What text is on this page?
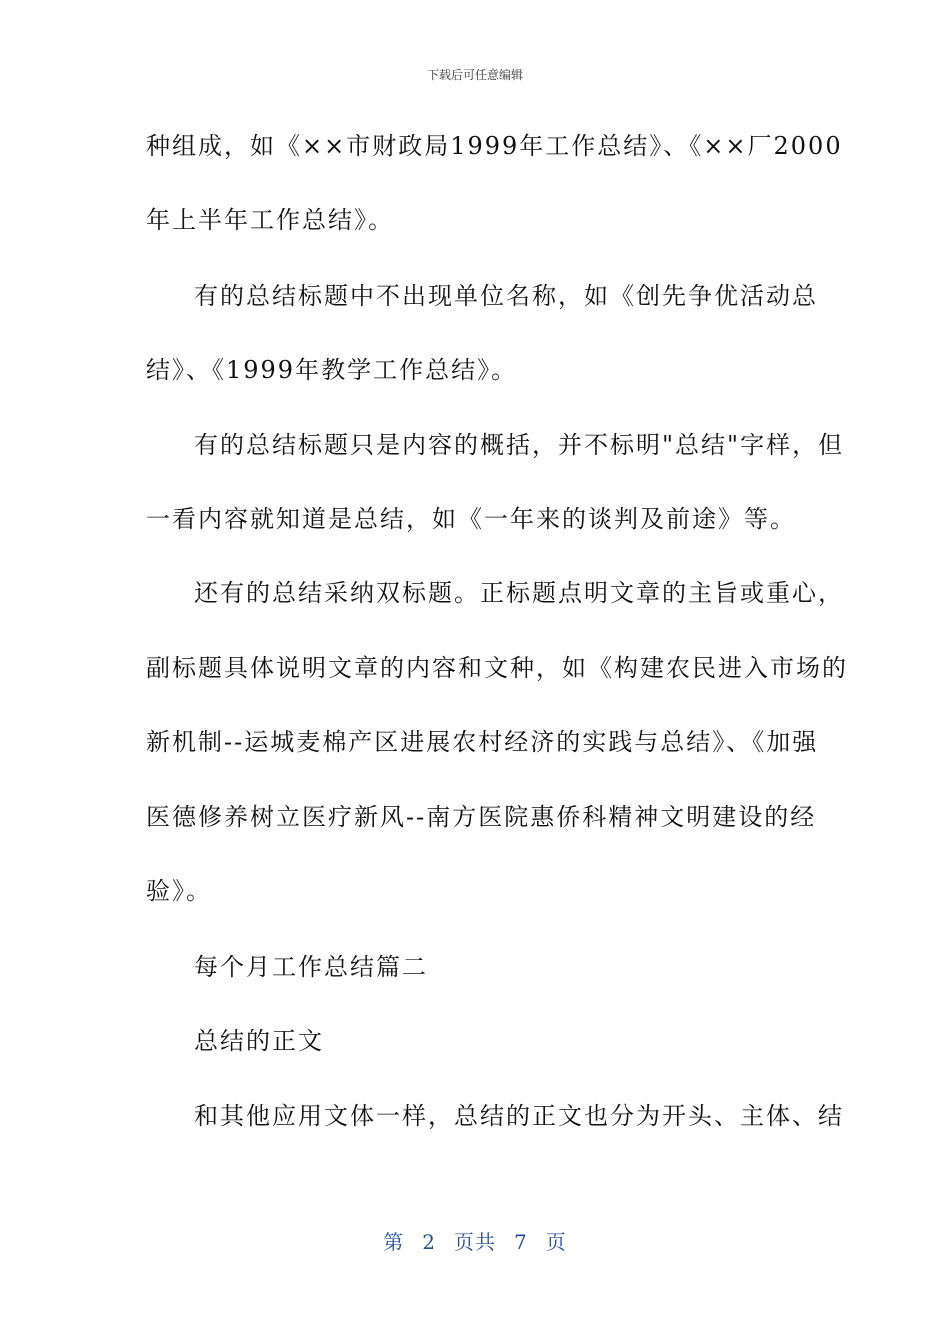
下载后可任意编辑
种组成，如《××市财政局1999年工作总结》、《××厂2000
年上半年工作总结》。
有的总结标题中不出现单位名称，如《创先争优活动总
结》、《1999年教学工作总结》。
有的总结标题只是内容的概括，并不标明"总结"字样，但
一看内容就知道是总结，如《一年来的谈判及前途》等。
还有的总结采纳双标题。正标题点明文章的主旨或重心，
副标题具体说明文章的内容和文种，如《构建农民进入市场的
新机制--运城麦棉产区进展农村经济的实践与总结》、《加强
医德修养树立医疗新风--南方医院惠侨科精神文明建设的经
验》。
每个月工作总结篇二
总结的正文
和其他应用文体一样，总结的正文也分为开头、主体、结
第 2 页共 7 页
